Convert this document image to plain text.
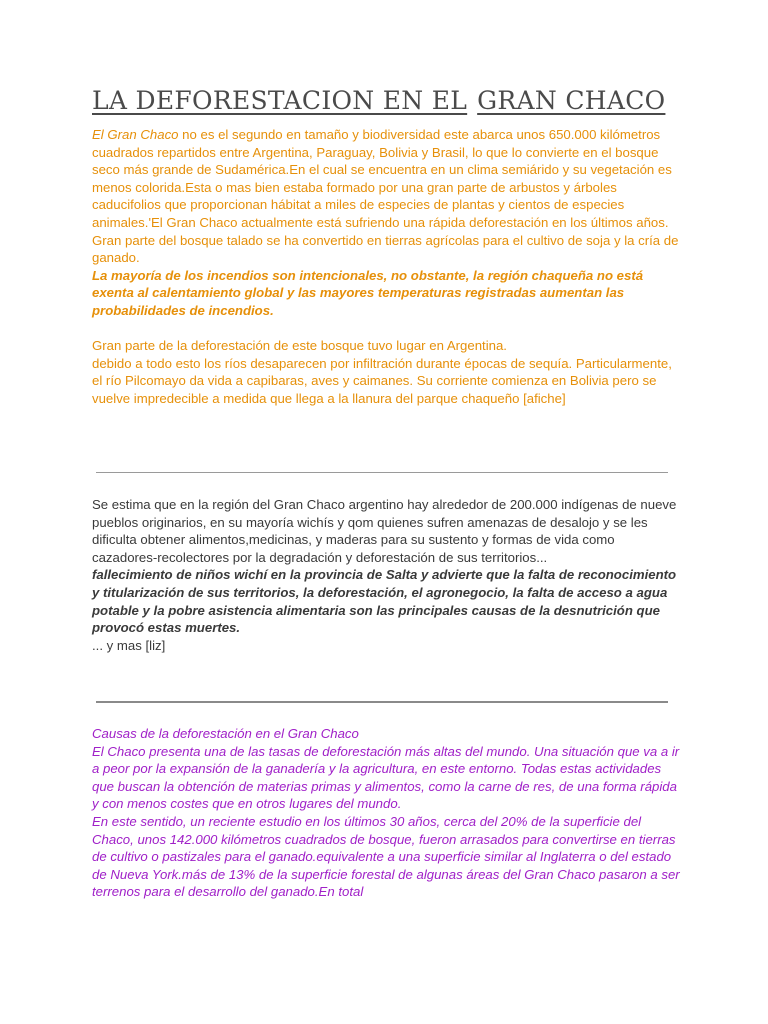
LA DEFORESTACION EN EL GRAN CHACO

El Gran Chaco no es el segundo en tamaño y biodiversidad este abarca unos 650.000 kilómetros cuadrados repartidos entre Argentina, Paraguay, Bolivia y Brasil, lo que lo convierte en el bosque seco más grande de Sudamérica.En el cual se encuentra en un clima semiárido y su vegetación es menos colorida.Esta o mas bien estaba formado por una gran parte de arbustos y árboles caducifolios que proporcionan hábitat a miles de especies de plantas y cientos de especies animales.'El Gran Chaco actualmente está sufriendo una rápida deforestación en los últimos años.

Gran parte del bosque talado se ha convertido en tierras agrícolas para el cultivo de soja y la cría de ganado.

La mayoría de los incendios son intencionales, no obstante, la región chaqueña no está exenta al calentamiento global y las mayores temperaturas registradas aumentan las probabilidades de incendios.

Gran parte de la deforestación de este bosque tuvo lugar en Argentina.

debido a todo esto los ríos desaparecen por infiltración durante épocas de sequía. Particularmente, el río Pilcomayo da vida a capibaras, aves y caimanes. Su corriente comienza en Bolivia pero se vuelve impredecible a medida que llega a la llanura del parque chaqueño [afiche]

Se estima que en la región del Gran Chaco argentino hay alrededor de 200.000 indígenas de nueve pueblos originarios, en su mayoría wichís y qom quienes sufren amenazas de desalojo y se les dificulta obtener alimentos,medicinas, y maderas para su sustento y formas de vida como cazadores-recolectores por la degradación y deforestación de sus territorios...

fallecimiento de niños wichí en la provincia de Salta y advierte que la falta de reconocimiento y titularización de sus territorios, la deforestación, el agronegocio, la falta de acceso a agua potable y la pobre asistencia alimentaria son las principales causas de la desnutrición que provocó estas muertes.

... y mas [liz]

Causas de la deforestación en el Gran Chaco

El Chaco presenta una de las tasas de deforestación más altas del mundo. Una situación que va a ir a peor por la expansión de la ganadería y la agricultura, en este entorno. Todas estas actividades que buscan la obtención de materias primas y alimentos, como la carne de res, de una forma rápida y con menos costes que en otros lugares del mundo.

En este sentido, un reciente estudio en los últimos 30 años, cerca del 20% de la superficie del Chaco, unos 142.000 kilómetros cuadrados de bosque, fueron arrasados para convertirse en tierras de cultivo o pastizales para el ganado.equivalente a una superficie similar al Inglaterra o del estado de Nueva York.más de 13% de la superficie forestal de algunas áreas del Gran Chaco pasaron a ser terrenos para el desarrollo del ganado.En total
